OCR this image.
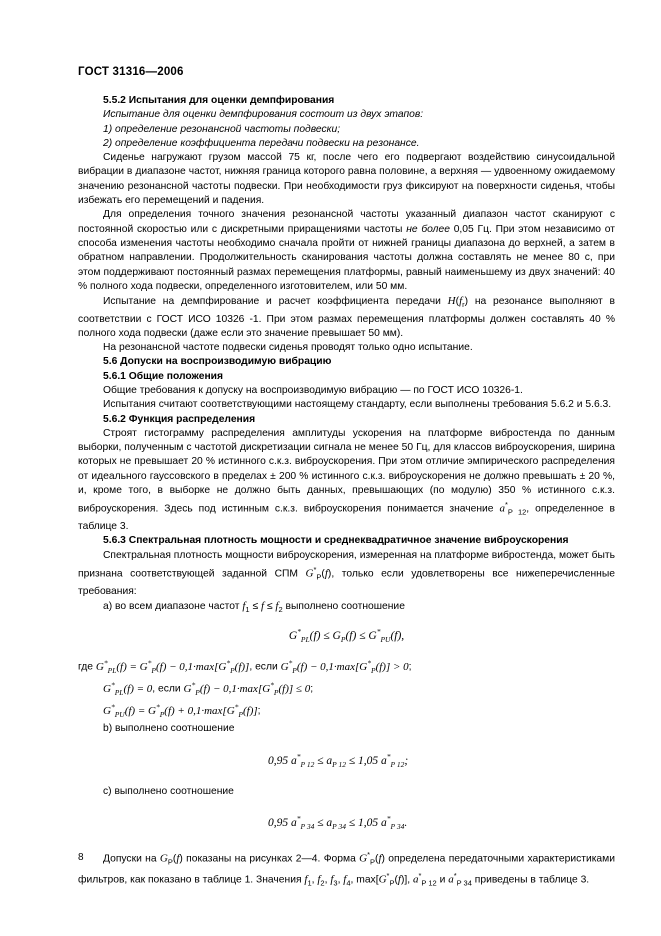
ГОСТ 31316—2006

5.5.2 Испытания для оценки демпфирования

Испытание для оценки демпфирования состоит из двух этапов:

1) определение резонансной частоты подвески;

2) определение коэффициента передачи подвески на резонансе.

Сиденье нагружают грузом массой 75 кг, после чего его подвергают воздействию синусоидальной вибрации в диапазоне частот, нижняя граница которого равна половине, а верхняя — удвоенному ожидаемому значению резонансной частоты подвески. При необходимости груз фиксируют на поверхности сиденья, чтобы избежать его перемещений и падения.

Для определения точного значения резонансной частоты указанный диапазон частот сканируют с постоянной скоростью или с дискретными приращениями частоты не более 0,05 Гц. При этом независимо от способа изменения частоты необходимо сначала пройти от нижней границы диапазона до верхней, а затем в обратном направлении. Продолжительность сканирования частоты должна составлять не менее 80 с, при этом поддерживают постоянный размах перемещения платформы, равный наименьшему из двух значений: 40 % полного хода подвески, определенного изготовителем, или 50 мм.

Испытание на демпфирование и расчет коэффициента передачи $H(f_r)$ на резонансе выполняют в соответствии с ГОСТ ИСО 10326 -1. При этом размах перемещения платформы должен составлять 40 % полного хода подвески (даже если это значение превышает 50 мм).

На резонансной частоте подвески сиденья проводят только одно испытание.

5.6 Допуски на воспроизводимую вибрацию

5.6.1 Общие положения

Общие требования к допуску на воспроизводимую вибрацию — по ГОСТ ИСО 10326-1.

Испытания считают соответствующими настоящему стандарту, если выполнены требования 5.6.2 и 5.6.3.

5.6.2 Функция распределения

Строят гистограмму распределения амплитуды ускорения на платформе вибростенда по данным выборки, полученным с частотой дискретизации сигнала не менее 50 Гц, для классов виброускорения, ширина которых не превышает 20 % истинного с.к.з. виброускорения. При этом отличие эмпирического распределения от идеального гауссовского в пределах ± 200 % истинного с.к.з. виброускорения не должно превышать ± 20 %, и, кроме того, в выборке не должно быть данных, превышающих (по модулю) 350 % истинного с.к.з. виброускорения. Здесь под истинным с.к.з. виброускорения понимается значение $a^*_{P 12}$, определенное в таблице 3.

5.6.3 Спектральная плотность мощности и среднеквадратичное значение виброускорения

Спектральная плотность мощности виброускорения, измеренная на платформе вибростенда, может быть признана соответствующей заданной СПМ $G^*_P(f)$, только если удовлетворены все нижеперечисленные требования:

а) во всем диапазоне частот $f_1 \le f \le f_2$ выполнено соотношение

$G^*_{PL}(f) \le G_P(f) \le G^*_{PU}(f)$,

где $G^*_{PL}(f) = G^*_P(f) - 0,1\cdot\max[G^*_P(f)]$, если $G^*_P(f) - 0,1\cdot\max[G^*_P(f)] > 0$;

$G^*_{PL}(f) = 0$, если $G^*_P(f) - 0,1\cdot\max[G^*_P(f)] \le 0$;

$G^*_{PU}(f) = G^*_P(f) + 0,1\cdot\max[G^*_P(f)]$;

b) выполнено соотношение

0,95 $a^*_{P 12} \le a_{P 12} \le 1,05$ $a^*_{P 12}$;

с) выполнено соотношение

0,95 $a^*_{P 34} \le a_{P 34} \le 1,05$ $a^*_{P 34}$.

Допуски на $G_P(f)$ показаны на рисунках 2—4. Форма $G^*_P(f)$ определена передаточными характеристиками фильтров, как показано в таблице 1. Значения $f_1$, $f_2$, $f_3$, $f_4$, $\max[G^*_P(f)]$, $a^*_{P 12}$ и $a^*_{P 34}$ приведены в таблице 3.

8
